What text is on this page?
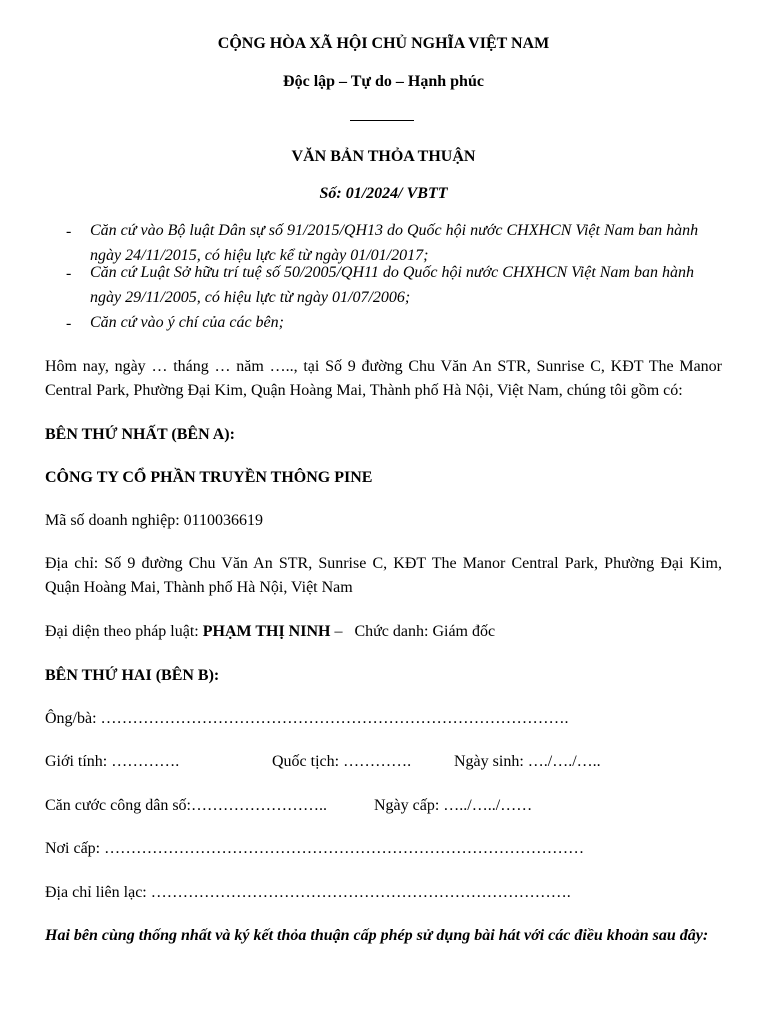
CỘNG HÒA XÃ HỘI CHỦ NGHĨA VIỆT NAM
Độc lập – Tự do – Hạnh phúc
VĂN BẢN THỎA THUẬN
Số: 01/2024/ VBTT
-	Căn cứ vào Bộ luật Dân sự số 91/2015/QH13 do Quốc hội nước CHXHCN Việt Nam ban hành ngày 24/11/2015, có hiệu lực kể từ ngày 01/01/2017;
-	Căn cứ Luật Sở hữu trí tuệ số 50/2005/QH11 do Quốc hội nước CHXHCN Việt Nam ban hành ngày 29/11/2005, có hiệu lực từ ngày 01/07/2006;
-	Căn cứ vào ý chí của các bên;
Hôm nay, ngày … tháng … năm ….., tại Số 9 đường Chu Văn An STR, Sunrise C, KĐT The Manor Central Park, Phường Đại Kim, Quận Hoàng Mai, Thành phố Hà Nội, Việt Nam, chúng tôi gồm có:
BÊN THỨ NHẤT (BÊN A):
CÔNG TY CỔ PHẦN TRUYỀN THÔNG PINE
Mã số doanh nghiệp: 0110036619
Địa chỉ: Số 9 đường Chu Văn An STR, Sunrise C, KĐT The Manor Central Park, Phường Đại Kim, Quận Hoàng Mai, Thành phố Hà Nội, Việt Nam
Đại diện theo pháp luật: PHẠM THỊ NINH – Chức danh: Giám đốc
BÊN THỨ HAI (BÊN B):
Ông/bà: …………………………………………………………………………….
Giới tính: ………….	Quốc tịch: ………….	Ngày sinh: …./…./…..
Căn cước công dân số:……………………..	Ngày cấp: …../…../……
Nơi cấp: ………………………………………………………………………………
Địa chỉ liên lạc: …………………………………………………………………….
Hai bên cùng thống nhất và ký kết thỏa thuận cấp phép sử dụng bài hát với các điều khoản sau đây:
